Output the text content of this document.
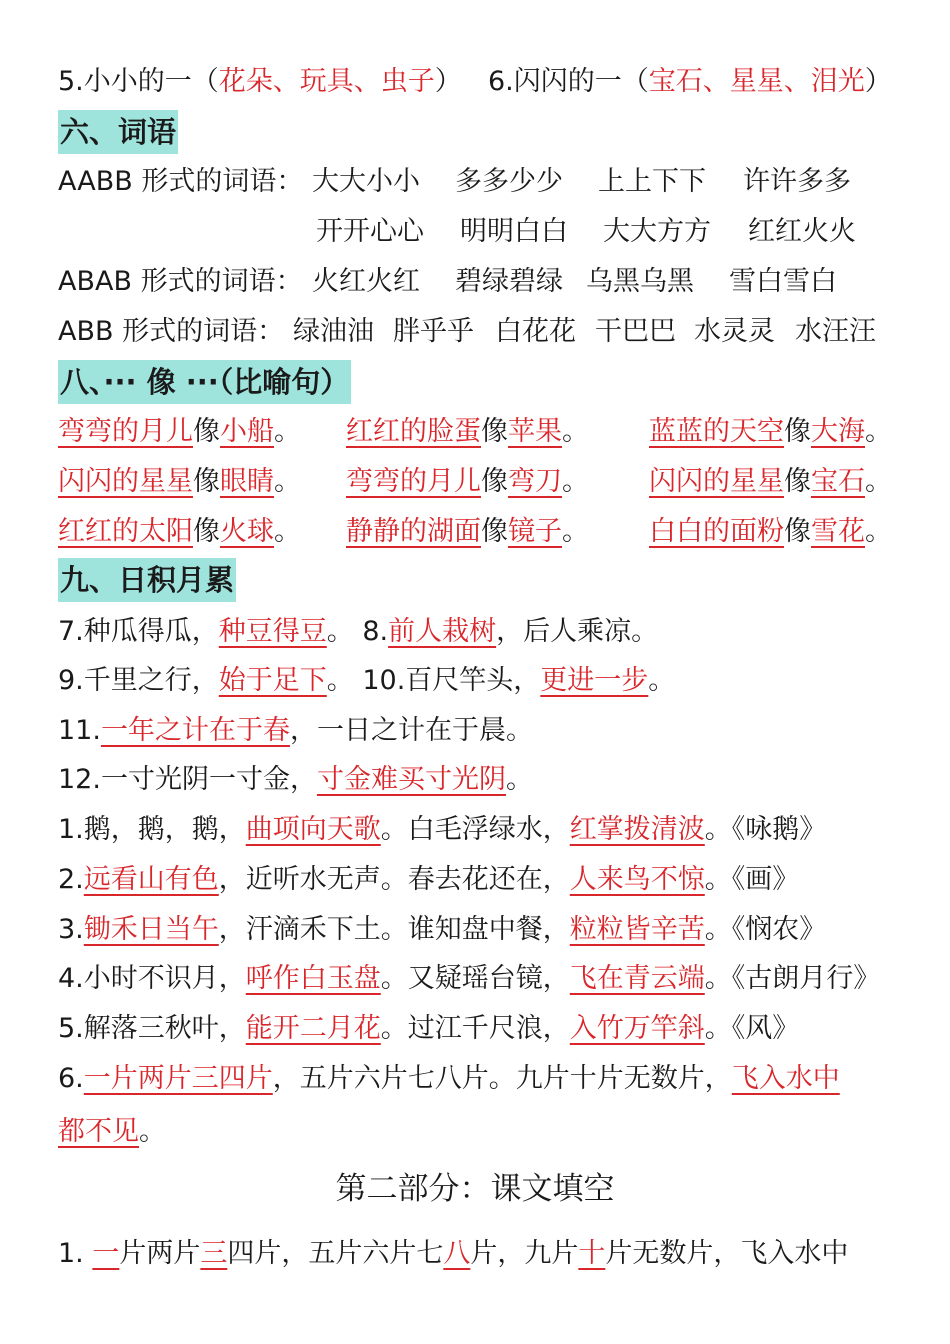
5.小小的一（花朵、玩具、虫子） 6.闪闪的一（宝石、星星、泪光）
六、词语
AABB 形式的词语： 大大小小 多多少少 上上下下 许许多多
开开心心 明明白白 大大方方 红红火火
ABAB 形式的词语： 火红火红 碧绿碧绿 乌黑乌黑 雪白雪白
ABB 形式的词语： 绿油油 胖乎乎 白花花 干巴巴 水灵灵 水汪汪
八、··· 像 ···（比喻句）
弯弯的月儿像小船。 红红的脸蛋像苹果。 蓝蓝的天空像大海。
闪闪的星星像眼睛。 弯弯的月儿像弯刀。 闪闪的星星像宝石。
红红的太阳像火球。 静静的湖面像镜子。 白白的面粉像雪花。
九、日积月累
7.种瓜得瓜，种豆得豆。 8.前人栽树，后人乘凉。
9.千里之行，始于足下。 10.百尺竿头，更进一步。
11.一年之计在于春，一日之计在于晨。
12.一寸光阴一寸金，寸金难买寸光阴。
1.鹅，鹅，鹅，曲项向天歌。白毛浮绿水，红掌拨清波。《咏鹅》
2.远看山有色，近听水无声。春去花还在，人来鸟不惊。《画》
3.锄禾日当午，汗滴禾下土。谁知盘中餐，粒粒皆辛苦。《悯农》
4.小时不识月，呼作白玉盘。又疑瑶台镜，飞在青云端。《古朗月行》
5.解落三秋叶，能开二月花。过江千尺浪，入竹万竿斜。《风》
6.一片两片三四片，五片六片七八片。九片十片无数片，飞入水中
都不见。
第二部分：课文填空
1. 一片两片三四片，五片六片七八片，九片十片无数片，飞入水中
